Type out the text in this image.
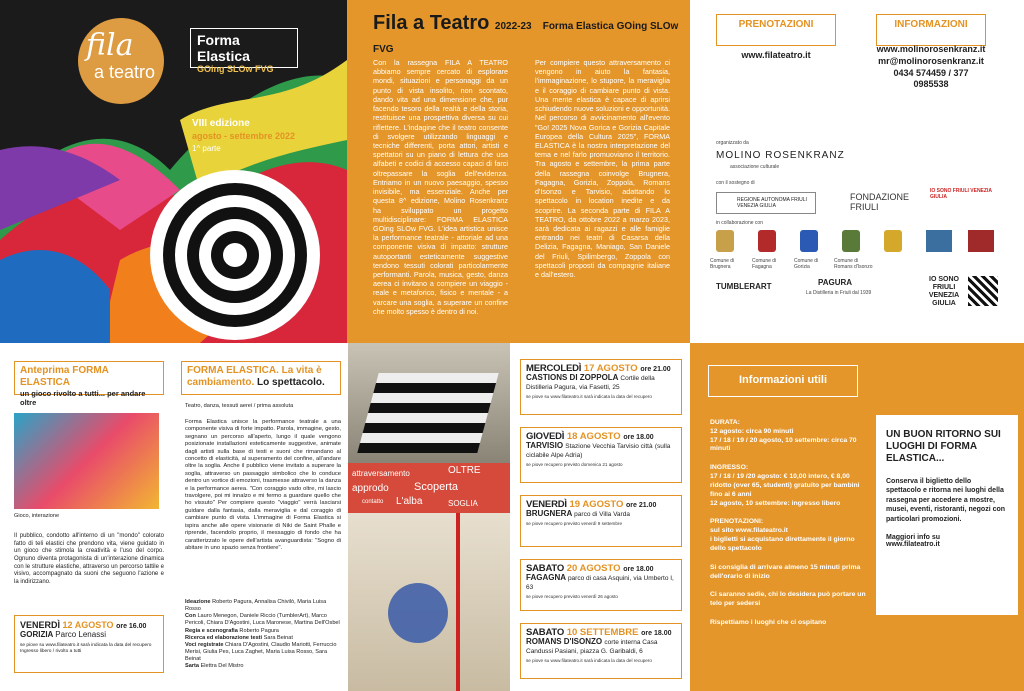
fila
a teatro
Forma Elastica
GOing SLOw FVG
VIII edizione
agosto - settembre 2022
1^ parte
Fila a Teatro 2022-23 Forma Elastica GOing SLOw FVG
Con la rassegna FILA A TEATRO abbiamo sempre cercato di esplorare mondi, situazioni e personaggi da un punto di vista insolito, non scontato, dando vita ad una dimensione che, pur facendo tesoro della realtà e della storia, restituisce una prospettiva diversa su cui riflettere. L'indagine che il teatro consente di svolgere utilizzando linguaggi e tecniche differenti, porta attori, artisti e spettatori su un piano di lettura che usa alfabeti e codici di accesso capaci di farci oltrepassare la soglia dell'evidenza. Entriamo in un nuovo paesaggio, spesso invisibile, ma essenziale. Anche per questa 8^ edizione, Molino Rosenkranz ha sviluppato un progetto multidisciplinare: FORMA ELASTICA GOing SLOw FVG. L'idea artistica unisce la performance teatrale - attoriale ad una componente visiva di impatto: strutture autoportanti esteticamente suggestive tendono tessuti colorati particolarmente performanti. Parola, musica, gesto, danza aerea ci invitano a compiere un viaggio - reale e metaforico, fisico e mentale - a varcare una soglia, a superare un confine che molto spesso è dentro di noi.
Per compiere questo attraversamento ci vengono in aiuto la fantasia, l'immaginazione, lo stupore, la meraviglia e il coraggio di cambiare punto di vista. Una mente elastica è capace di aprirsi schiudendo nuove soluzioni e opportunità. Nel percorso di avvicinamento all'evento "Go! 2025 Nova Gorica e Gorizia Capitale Europea della Cultura 2025", FORMA ELASTICA è la nostra interpretazione del tema e nel farlo promuoviamo il territorio. Tra agosto e settembre, la prima parte della rassegna coinvolge Brugnera, Fagagna, Gorizia, Zoppola, Romans d'Isonzo e Tarvisio, adattando lo spettacolo in location inedite e da scoprire. La seconda parte di FILA A TEATRO, da ottobre 2022 a marzo 2023, sarà dedicata ai ragazzi e alle famiglie entrando nei teatri di Casarsa della Delizia, Fagagna, Maniago, San Daniele del Friuli, Spilimbergo, Zoppola con spettacoli proposti da compagnie italiane e dall'estero.
PRENOTAZIONI
www.filateatro.it
INFORMAZIONI
www.molinorosenkranz.it
mr@molinorosenkranz.it
0434 574459 / 377 0985538
organizzato da
MOLINO ROSENKRANZ
associazione culturale
con il sostegno di
REGIONE AUTONOMA FRIULI VENEZIA GIULIA
FONDAZIONE FRIULI
IO SONO FRIULI VENEZIA GIULIA
in collaborazione con
Comune di Brugnera
Comune di Fagagna
Comune di Gorizia
Comune di Romans d'Isonzo
TUMBLERART	PAGURA
La Distilleria in Friuli dal 1939
IO SONO
FRIULI
VENEZIA
GIULIA
Anteprima FORMA ELASTICA
un gioco rivolto a tutti... per andare oltre
Gioco, interazione
Il pubblico, condotto all'interno di un "mondo" colorato fatto di teli elastici che prendono vita, viene guidato in un gioco che stimola la creatività e l'uso del corpo. Ognuno diventa protagonista di un'interazione dinamica con le strutture elastiche, attraverso un percorso tattile e visivo, accompagnato da suoni che seguono l'azione e la indirizzano.
VENERDÌ 12 AGOSTO ore 16.00
GORIZIA Parco Lenassi
se piove su www.filateatro.it sarà indicata la data del recupero
Ingresso libero / rivolto a tutti
FORMA ELASTICA. La vita è
cambiamento. Lo spettacolo.
Teatro, danza, tessuti aerei / prima assoluta
Forma Elastica unisce la performance teatrale a una componente visiva di forte impatto. Parola, immagine, gesto, segnano un percorso all'aperto, lungo il quale vengono posizionate installazioni esteticamente suggestive, animate dagli artisti sulla base di testi e suoni che rimandano al concetto di elasticità, al superamento del confine, all'andare oltre la soglia. Anche il pubblico viene invitato a superare la soglia, attraverso un passaggio simbolico che lo conduce dentro un vortice di emozioni, trasmesse attraverso la danza e la performance aerea. "Con coraggio vado oltre, mi lascio travolgere, poi mi innalzo e mi fermo a guardare quello che ho vissuto" Per compiere questo "viaggio" verrà lasciarsi guidare dalla fantasia, dalla meraviglia e dal coraggio di cambiare punto di vista. L'immagine di Forma Elastica si ispira anche alle opere visionarie di Niki de Saint Phalle e riprende, facendolo proprio, il messaggio di fondo che ha caratterizzato le opere dell'artista avanguardista: "Sogno di abitare in uno spazio senza frontiere".
Ideazione Roberto Pagura, Annalisa Chivilò, Maria Luisa Rosso
Con Lauro Menegon, Daniele Riccio (TumblerArt), Marco Pericoli, Chiara D'Agostini, Luca Maronese, Martina Dell'Osbel
Regia e scenografia Roberto Pagura
Ricerca ed elaborazione testi Sara Beinat
Voci registrate Chiara D'Agostini, Claudio Mariotti, Ferruccio Merisi, Giulia Pes, Luca Zaghet, Maria Luisa Rosso, Sara Beinat
Sarta Elettra Del Mistro
attraversamento	OLTRE
approdo Scoperta
contatto L'alba	SOGLIA
MERCOLEDÌ 17 AGOSTO ore 21.00
CASTIONS DI ZOPPOLA Cortile della Distilleria Pagura, via Fasetti, 25
se piove su www.filateatro.it sarà indicata la data del recupero
GIOVEDÌ 18 AGOSTO ore 18.00
TARVISIO Stazione Vecchia Tarvisio città (sulla ciclabile Alpe Adria)
se piove recupero previsto domenica 21 agosto
VENERDÌ 19 AGOSTO ore 21.00
BRUGNERA parco di Villa Varda
se piove recupero previsto venerdì 9 settembre
SABATO 20 AGOSTO ore 18.00
FAGAGNA parco di casa Asquini, via Umberto I, 63
se piove recupero previsto venerdì 26 agosto
SABATO 10 SETTEMBRE ore 18.00
ROMANS D'ISONZO corte interna Casa Candussi Pasiani, piazza G. Garibaldi, 6
se piove su www.filateatro.it sarà indicata la data del recupero
Informazioni utili
DURATA:
12 agosto: circa 90 minuti
17 / 18 / 19 / 20 agosto, 10 settembre: circa 70 minuti
INGRESSO:
17 / 18 / 19 /20 agosto: € 10,00 intero, € 8,00 ridotto (over 65, studenti) gratuito per bambini fino ai 6 anni
12 agosto, 10 settembre: ingresso libero
PRENOTAZIONI:
sul sito www.filateatro.it
i biglietti si acquistano direttamente il giorno dello spettacolo
Si consiglia di arrivare almeno 15 minuti prima dell'orario di inizio
Ci saranno sedie, chi lo desidera può portare un telo per sedersi
Rispettiamo i luoghi che ci ospitano
UN BUON RITORNO SUI LUOGHI DI FORMA ELASTICA...
Conserva il biglietto dello spettacolo e ritorna nei luoghi della rassegna per accedere a mostre, musei, eventi, ristoranti, negozi con particolari promozioni.
Maggiori info su
www.filateatro.it
